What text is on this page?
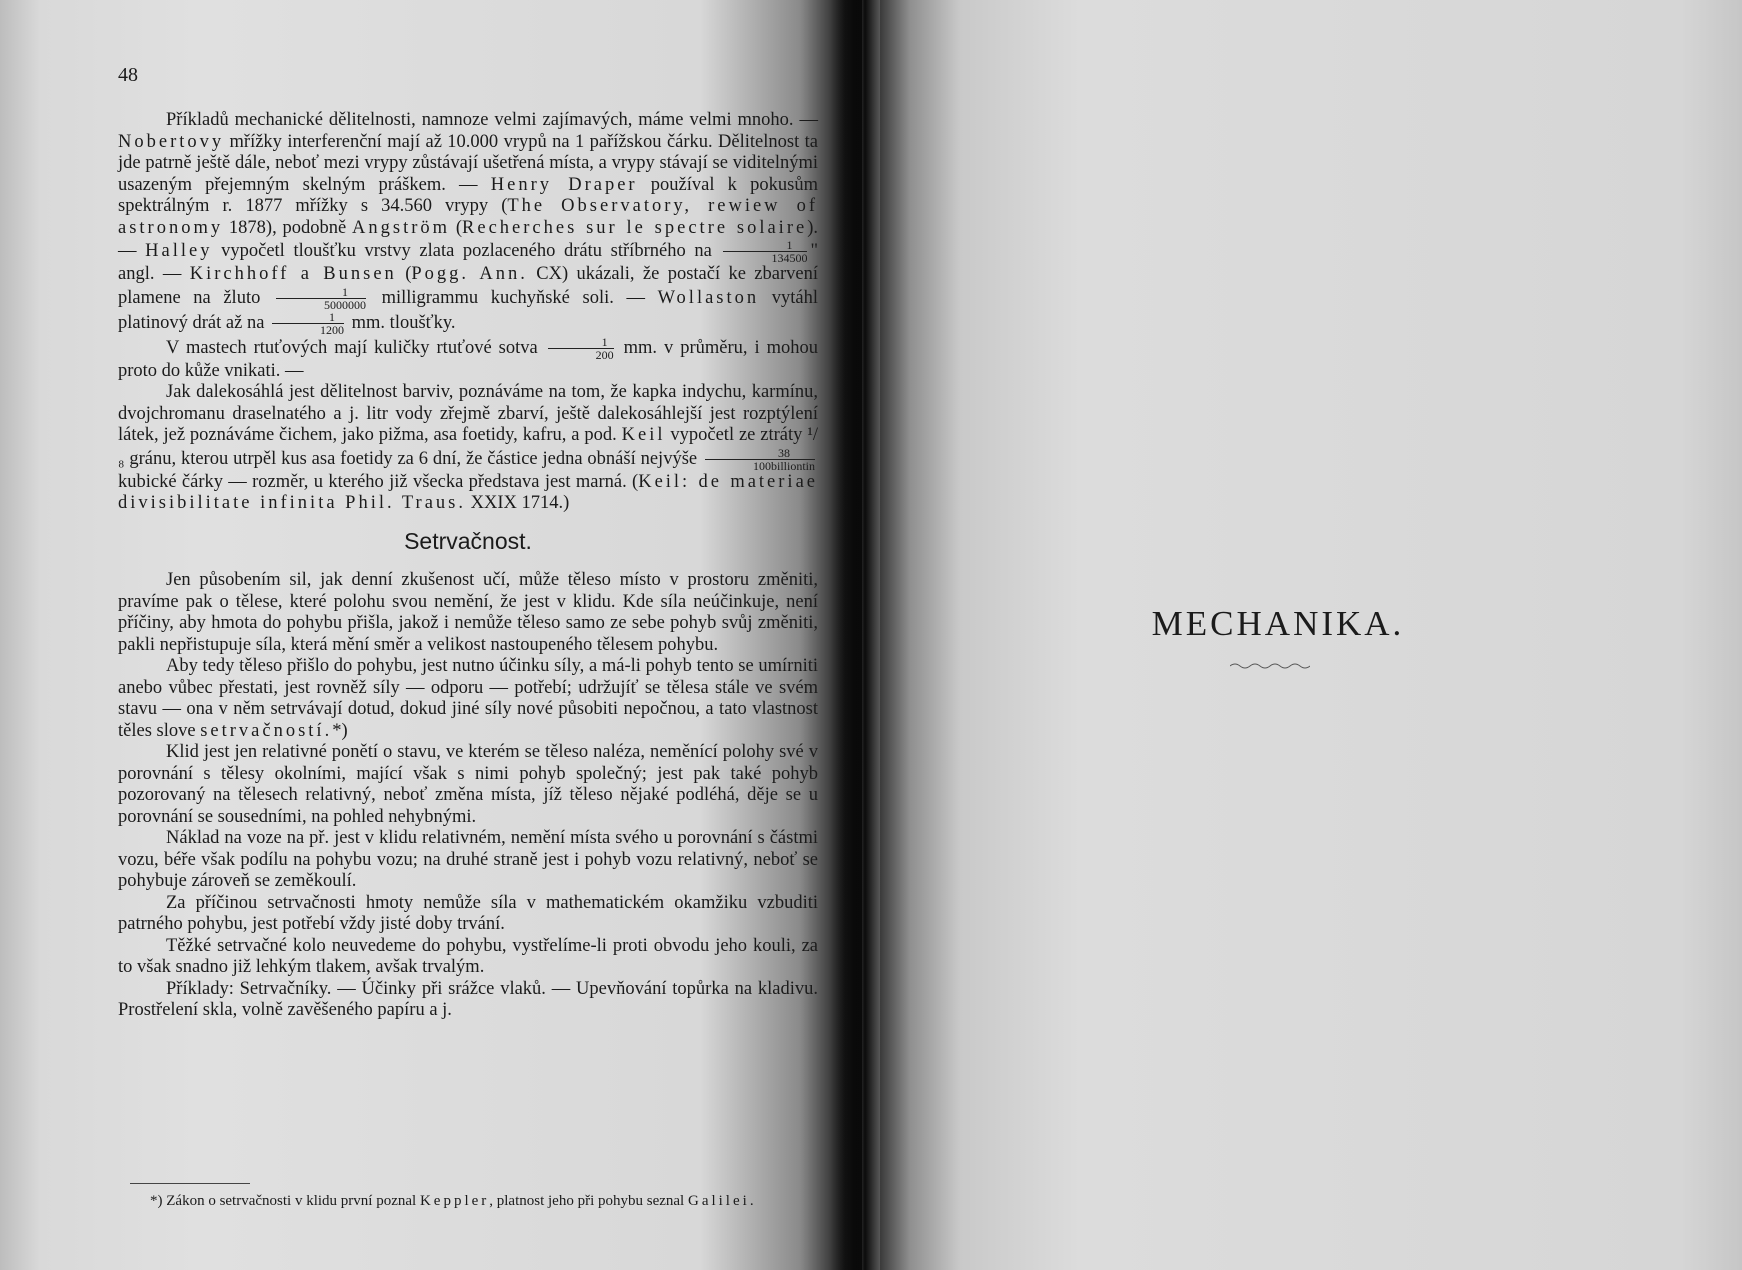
48

Příkladů mechanické dělitelnosti, namnoze velmi zajímavých, máme velmi mnoho. — Nobertovy mřížky interferenční mají až 10.000 vrypů na 1 pařížskou čárku. Dělitelnost ta jde patrně ještě dále, neboť mezi vrypy zůstávají ušetřená místa, a vrypy stávají se viditelnými usazeným přejemným skelným práškem. — Henry Draper používal k pokusům spektrálným r. 1877 mřížky s 34.560 vrypy (The Observatory, rewiew of astronomy 1878), podobně Angström (Recherches sur le spectre solaire). — Halley vypočetl tloušťku vrstvy zlata pozlaceného drátu stříbrného na $\frac{1}{134500}$ " angl. — Kirchhoff a Bunsen (Pogg. Ann. CX) ukázali, že postačí ke zbarvení plamene na žluto $\frac{1}{5000000}$ milligrammu kuchyňské soli. — Wollaston vytáhl platinový drát až na $\frac{1}{1200}$ mm. tloušťky.

V mastech rtuťových mají kuličky rtuťové sotva $\frac{1}{200}$ mm. v průměru, i mohou proto do kůže vnikati. —

Jak dalekosáhlá jest dělitelnost barviv, poznáváme na tom, že kapka indychu, karmínu, dvojchromanu draselnatého a j. litr vody zřejmě zbarví, ještě dalekosáhlejší jest rozptýlení látek, jež poznáváme čichem, jako pižma, asa foetidy, kafru, a pod. Keil vypočetl ze ztráty ¹/₈ gránu, kterou utrpěl kus asa foetidy za 6 dní, že částice jedna obnáší nejvýše $\frac{38}{\text{100billiontin}}$
kubické čárky — rozměr, u kterého již všecka představa jest marná. (Keil: de materiae divisibilitate infinita Phil. Traus. XXIX 1714.)

Setrvačnost.

Jen působením sil, jak denní zkušenost učí, může těleso místo v prostoru změniti, pravíme pak o tělese, které polohu svou nemění, že jest v klidu. Kde síla neúčinkuje, není příčiny, aby hmota do pohybu přišla, jakož i nemůže těleso samo ze sebe pohyb svůj změniti, pakli nepřistupuje síla, která mění směr a velikost nastoupeného tělesem pohybu.

Aby tedy těleso přišlo do pohybu, jest nutno účinku síly, a má-li pohyb tento se umírniti anebo vůbec přestati, jest rovněž síly — odporu — potřebí; udržujíť se tělesa stále ve svém stavu — ona v něm setrvávají dotud, dokud jiné síly nové působiti nepočnou, a tato vlastnost těles slove setrvačností.*)

Klid jest jen relativné ponětí o stavu, ve kterém se těleso naléza, neměnící polohy své v porovnání s tělesy okolními, mající však s nimi pohyb společný; jest pak také pohyb pozorovaný na tělesech relativný, neboť změna místa, jíž těleso nějaké podléhá, děje se u porovnání se sousedními, na pohled nehybnými.

Náklad na voze na př. jest v klidu relativném, nemění místa svého u porovnání s částmi vozu, béře však podílu na pohybu vozu; na druhé straně jest i pohyb vozu relativný, neboť se pohybuje zároveň se zeměkoulí.

Za příčinou setrvačnosti hmoty nemůže síla v mathematickém okamžiku vzbuditi patrného pohybu, jest potřebí vždy jisté doby trvání.

Těžké setrvačné kolo neuvedeme do pohybu, vystřelíme-li proti obvodu jeho kouli, za to však snadno již lehkým tlakem, avšak trvalým.

Příklady: Setrvačníky. — Účinky při srážce vlaků. — Upevňování topůrka na kladivu. Prostřelení skla, volně zavěšeného papíru a j.

*) Zákon o setrvačnosti v klidu první poznal Keppler, platnost jeho při pohybu seznal Galilei.
MECHANIKA.
